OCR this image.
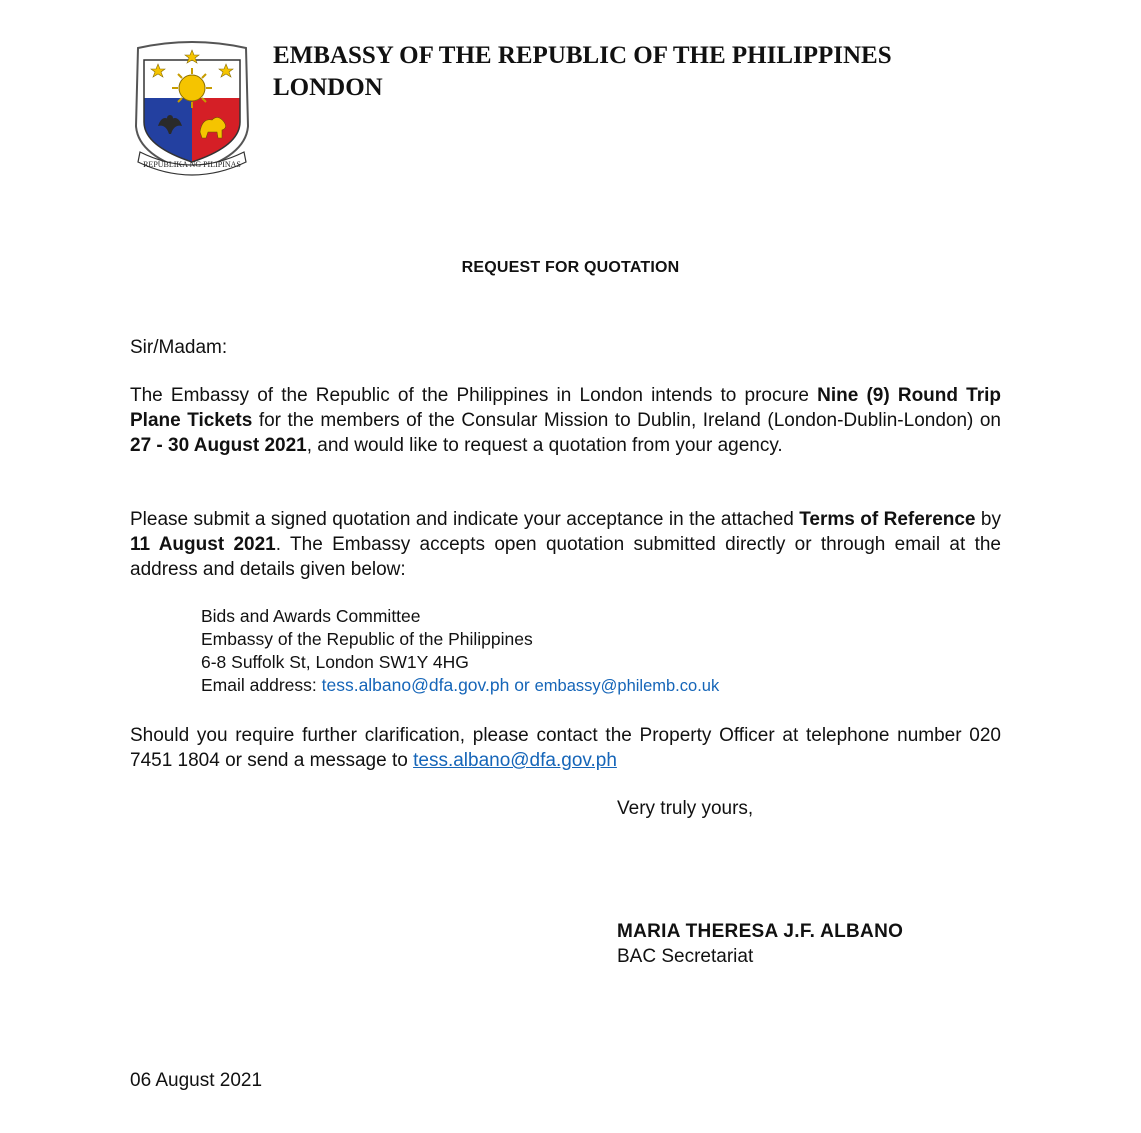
REPUBLIKA NG PILIPINAS
EMBASSY OF THE REPUBLIC OF THE PHILIPPINES
LONDON
REQUEST FOR QUOTATION
Sir/Madam:

The Embassy of the Republic of the Philippines in London intends to procure Nine (9) Round Trip Plane Tickets for the members of the Consular Mission to Dublin, Ireland (London-Dublin-London) on 27 - 30 August 2021, and would like to request a quotation from your agency.

Please submit a signed quotation and indicate your acceptance in the attached Terms of Reference by 11 August 2021. The Embassy accepts open quotation submitted directly or through email at the address and details given below:

Bids and Awards Committee
Embassy of the Republic of the Philippines
6-8 Suffolk St, London SW1Y 4HG
Email address: tess.albano@dfa.gov.ph or embassy@philemb.co.uk

Should you require further clarification, please contact the Property Officer at telephone number 020 7451 1804 or send a message to tess.albano@dfa.gov.ph

Very truly yours,
MARIA THERESA J.F. ALBANO
BAC Secretariat
06 August 2021
